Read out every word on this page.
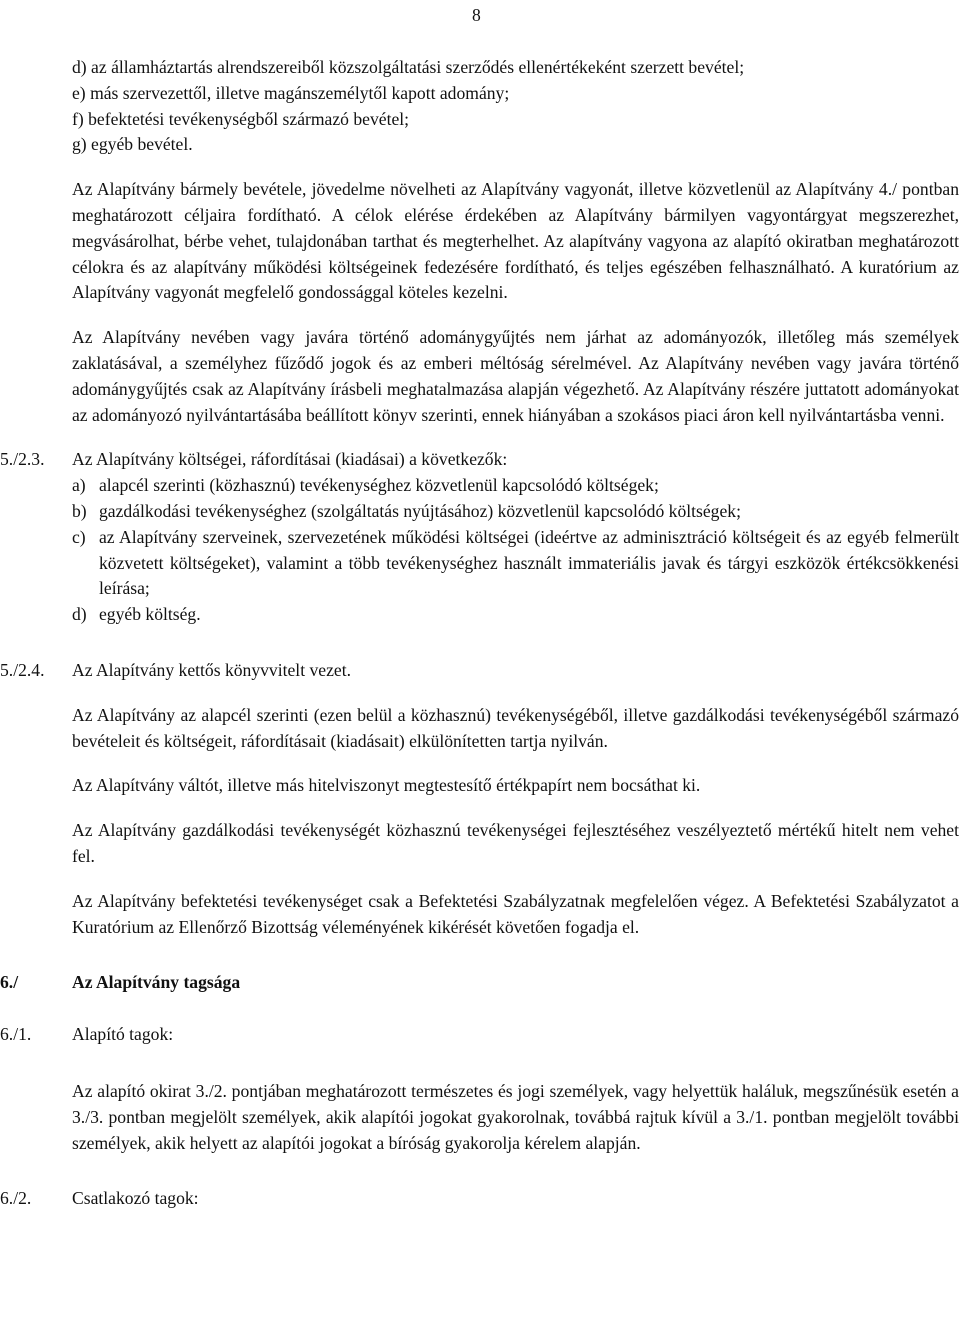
8
d) az államháztartás alrendszereiből közszolgáltatási szerződés ellenértékeként szerzett bevétel;
e) más szervezettől, illetve magánszemélytől kapott adomány;
f) befektetési tevékenységből származó bevétel;
g) egyéb bevétel.

Az Alapítvány bármely bevétele, jövedelme növelheti az Alapítvány vagyonát, illetve közvetlenül az Alapítvány 4./ pontban meghatározott céljaira fordítható. A célok elérése érdekében az Alapítvány bármilyen vagyontárgyat megszerezhet, megvásárolhat, bérbe vehet, tulajdonában tarthat és megterhelhet. Az alapítvány vagyona az alapító okiratban meghatározott célokra és az alapítvány működési költségeinek fedezésére fordítható, és teljes egészében felhasználható. A kuratórium az Alapítvány vagyonát megfelelő gondossággal köteles kezelni.

Az Alapítvány nevében vagy javára történő adománygyűjtés nem járhat az adományozók, illetőleg más személyek zaklatásával, a személyhez fűződő jogok és az emberi méltóság sérelmével. Az Alapítvány nevében vagy javára történő adománygyűjtés csak az Alapítvány írásbeli meghatalmazása alapján végezhető. Az Alapítvány részére juttatott adományokat az adományozó nyilvántartásába beállított könyv szerinti, ennek hiányában a szokásos piaci áron kell nyilvántartásba venni.

5./2.3. Az Alapítvány költségei, ráfordításai (kiadásai) a következők:
a) alapcél szerinti (közhasznú) tevékenységhez közvetlenül kapcsolódó költségek;
b) gazdálkodási tevékenységhez (szolgáltatás nyújtásához) közvetlenül kapcsolódó költségek;
c) az Alapítvány szerveinek, szervezetének működési költségei (ideértve az adminisztráció költségeit és az egyéb felmerült közvetett költségeket), valamint a több tevékenységhez használt immateriális javak és tárgyi eszközök értékcsökkenési leírása;
d) egyéb költség.
5./2.4. Az Alapítvány kettős könyvvitelt vezet.

Az Alapítvány az alapcél szerinti (ezen belül a közhasznú) tevékenységéből, illetve gazdálkodási tevékenységéből származó bevételeit és költségeit, ráfordításait (kiadásait) elkülönítetten tartja nyilván.

Az Alapítvány váltót, illetve más hitelviszonyt megtestesítő értékpapírt nem bocsáthat ki.

Az Alapítvány gazdálkodási tevékenységét közhasznú tevékenységei fejlesztéséhez veszélyeztető mértékű hitelt nem vehet fel.

Az Alapítvány befektetési tevékenységet csak a Befektetési Szabályzatnak megfelelően végez. A Befektetési Szabályzatot a Kuratórium az Ellenőrző Bizottság véleményének kikérését követően fogadja el.

6./	Az Alapítvány tagsága
6./1. Alapító tagok:

Az alapító okirat 3./2. pontjában meghatározott természetes és jogi személyek, vagy helyettük haláluk, megszűnésük esetén a 3./3. pontban megjelölt személyek, akik alapítói jogokat gyakorolnak, továbbá rajtuk kívül a 3./1. pontban megjelölt további személyek, akik helyett az alapítói jogokat a bíróság gyakorolja kérelem alapján.

6./2. Csatlakozó tagok:
